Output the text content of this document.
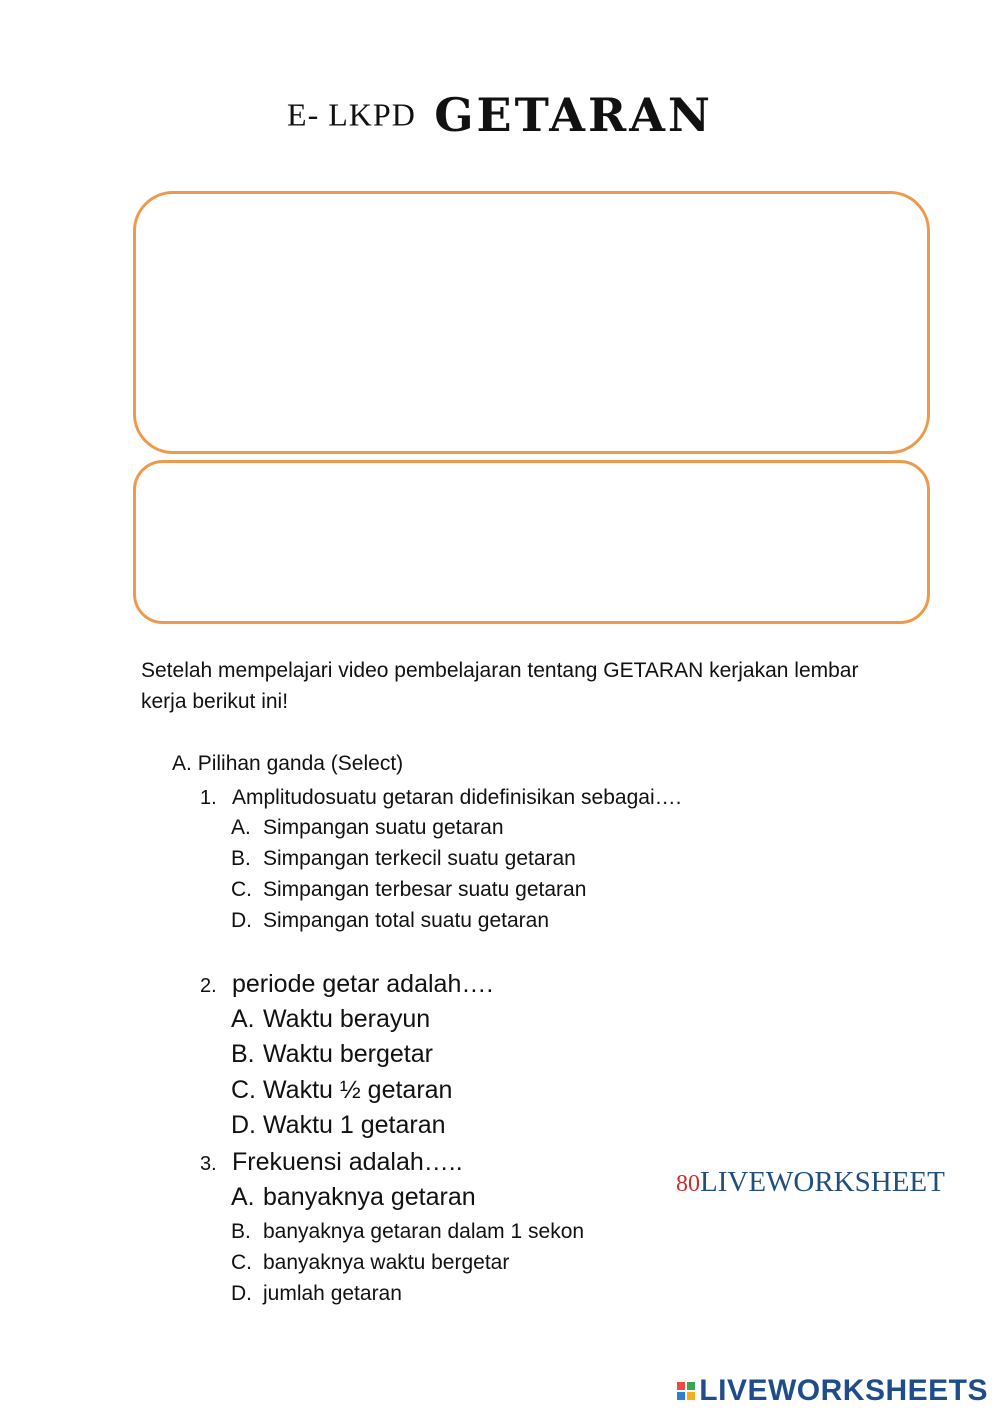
E- LKPD GETARAN
Setelah mempelajari video pembelajaran tentang GETARAN kerjakan lembar kerja berikut ini!
A. Pilihan ganda (Select)
1. Amplitudosuatu getaran didefinisikan sebagai….
A. Simpangan suatu getaran
B. Simpangan terkecil suatu getaran
C. Simpangan terbesar suatu getaran
D. Simpangan total suatu getaran
2. periode getar adalah….
A. Waktu berayun
B. Waktu bergetar
C. Waktu ½ getaran
D. Waktu 1 getaran
3. Frekuensi adalah…..
A. banyaknya getaran
B. banyaknya getaran dalam 1 sekon
C. banyaknya waktu bergetar
D. jumlah getaran
80LIVEWORKSHEET
LIVEWORKSHEETS
